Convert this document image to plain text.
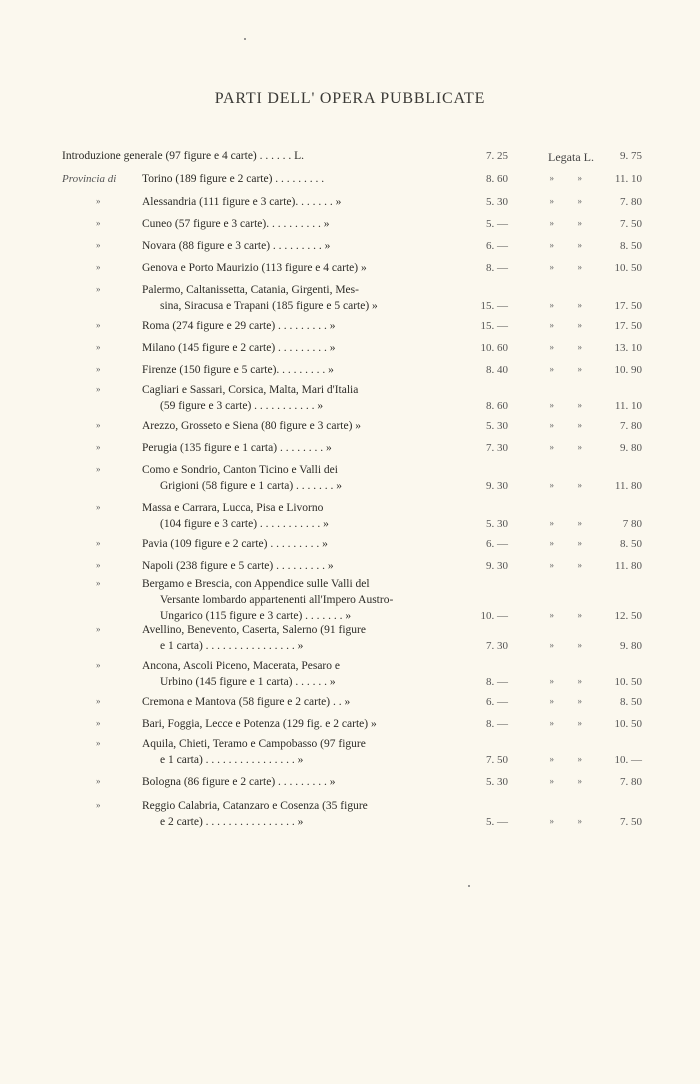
PARTI DELL' OPERA PUBBLICATE
Introduzione generale (97 figure e 4 carte) . . . . . . L.	7. 25	Legata L. 9. 75
Provincia di Torino (189 figure e 2 carte) . . . . . . . . .	8. 60	»	»	11. 10
»	Alessandria (111 figure e 3 carte). . . . . . . »	5. 30	»	»	7. 80
»	Cuneo (57 figure e 3 carte). . . . . . . . . . »	5. —	»	»	7. 50
»	Novara (88 figure e 3 carte) . . . . . . . . . »	6. —	»	»	8. 50
»	Genova e Porto Maurizio (113 figure e 4 carte) »	8. —	»	»	10. 50
»	Palermo, Caltanissetta, Catania, Girgenti, Mes-
sina, Siracusa e Trapani (185 figure e 5 carte) »	15. —	»	»	17. 50
»	Roma (274 figure e 29 carte) . . . . . . . . . »	15. —	»	»	17. 50
»	Milano (145 figure e 2 carte) . . . . . . . . . »	10. 60	»	»	13. 10
»	Firenze (150 figure e 5 carte). . . . . . . . . »	8. 40	»	»	10. 90
»	Cagliari e Sassari, Corsica, Malta, Mari d'Italia
(59 figure e 3 carte) . . . . . . . . . . . »	8. 60	»	»	11. 10
»	Arezzo, Grosseto e Siena (80 figure e 3 carte) »	5. 30	»	»	7. 80
»	Perugia (135 figure e 1 carta) . . . . . . . . »	7. 30	»	»	9. 80
»	Como e Sondrio, Canton Ticino e Valli dei
Grigioni (58 figure e 1 carta) . . . . . . . »	9. 30	»	»	11. 80
»	Massa e Carrara, Lucca, Pisa e Livorno
(104 figure e 3 carte) . . . . . . . . . . . »	5. 30	»	»	7 80
»	Pavia (109 figure e 2 carte) . . . . . . . . . »	6. —	»	»	8. 50
»	Napoli (238 figure e 5 carte) . . . . . . . . . »	9. 30	»	»	11. 80
»	Bergamo e Brescia, con Appendice sulle Valli del
Versante lombardo appartenenti all'Impero Austro-
Ungarico (115 figure e 3 carte) . . . . . . . »	10. —	»	»	12. 50
»	Avellino, Benevento, Caserta, Salerno (91 figure
e 1 carta) . . . . . . . . . . . . . . . . »	7. 30	»	»	9. 80
»	Ancona, Ascoli Piceno, Macerata, Pesaro e
Urbino (145 figure e 1 carta) . . . . . . »	8. —	»	»	10. 50
»	Cremona e Mantova (58 figure e 2 carte) . . »	6. —	»	»	8. 50
»	Bari, Foggia, Lecce e Potenza (129 fig. e 2 carte) »	8. —	»	»	10. 50
»	Aquila, Chieti, Teramo e Campobasso (97 figure
e 1 carta) . . . . . . . . . . . . . . . . »	7. 50	»	»	10. —
»	Bologna (86 figure e 2 carte) . . . . . . . . . »	5. 30	»	»	7. 80
»	Reggio Calabria, Catanzaro e Cosenza (35 figure
e 2 carte) . . . . . . . . . . . . . . . . »	5. —	»	»	7. 50
